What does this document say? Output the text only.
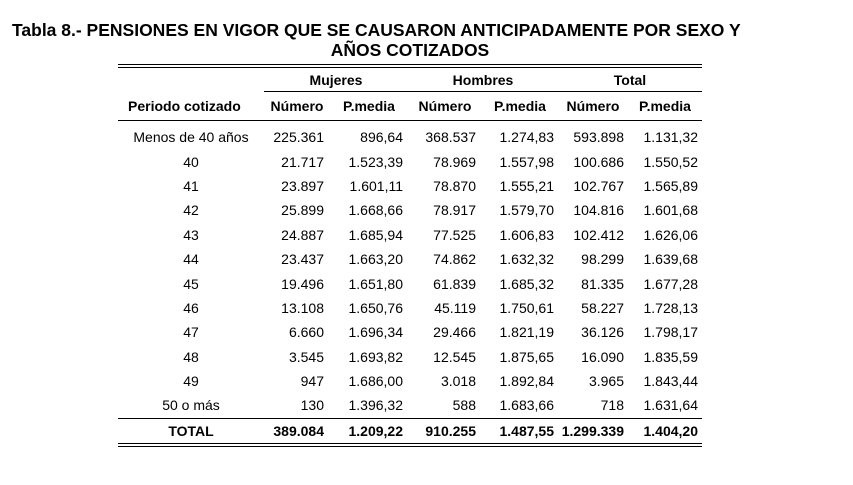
Tabla 8.- PENSIONES EN VIGOR QUE SE CAUSARON ANTICIPADAMENTE POR SEXO Y
AÑOS COTIZADOS
Mujeres	Hombres	Total
Periodo cotizado	Número	P.media	Número	P.media	Número	P.media
Menos de 40 años	225.361	896,64	368.537	1.274,83	593.898	1.131,32
40	21.717	1.523,39	78.969	1.557,98	100.686	1.550,52
41	23.897	1.601,11	78.870	1.555,21	102.767	1.565,89
42	25.899	1.668,66	78.917	1.579,70	104.816	1.601,68
43	24.887	1.685,94	77.525	1.606,83	102.412	1.626,06
44	23.437	1.663,20	74.862	1.632,32	98.299	1.639,68
45	19.496	1.651,80	61.839	1.685,32	81.335	1.677,28
46	13.108	1.650,76	45.119	1.750,61	58.227	1.728,13
47	6.660	1.696,34	29.466	1.821,19	36.126	1.798,17
48	3.545	1.693,82	12.545	1.875,65	16.090	1.835,59
49	947	1.686,00	3.018	1.892,84	3.965	1.843,44
50 o más	130	1.396,32	588	1.683,66	718	1.631,64
TOTAL	389.084	1.209,22	910.255	1.487,55 1.299.339	1.404,20
